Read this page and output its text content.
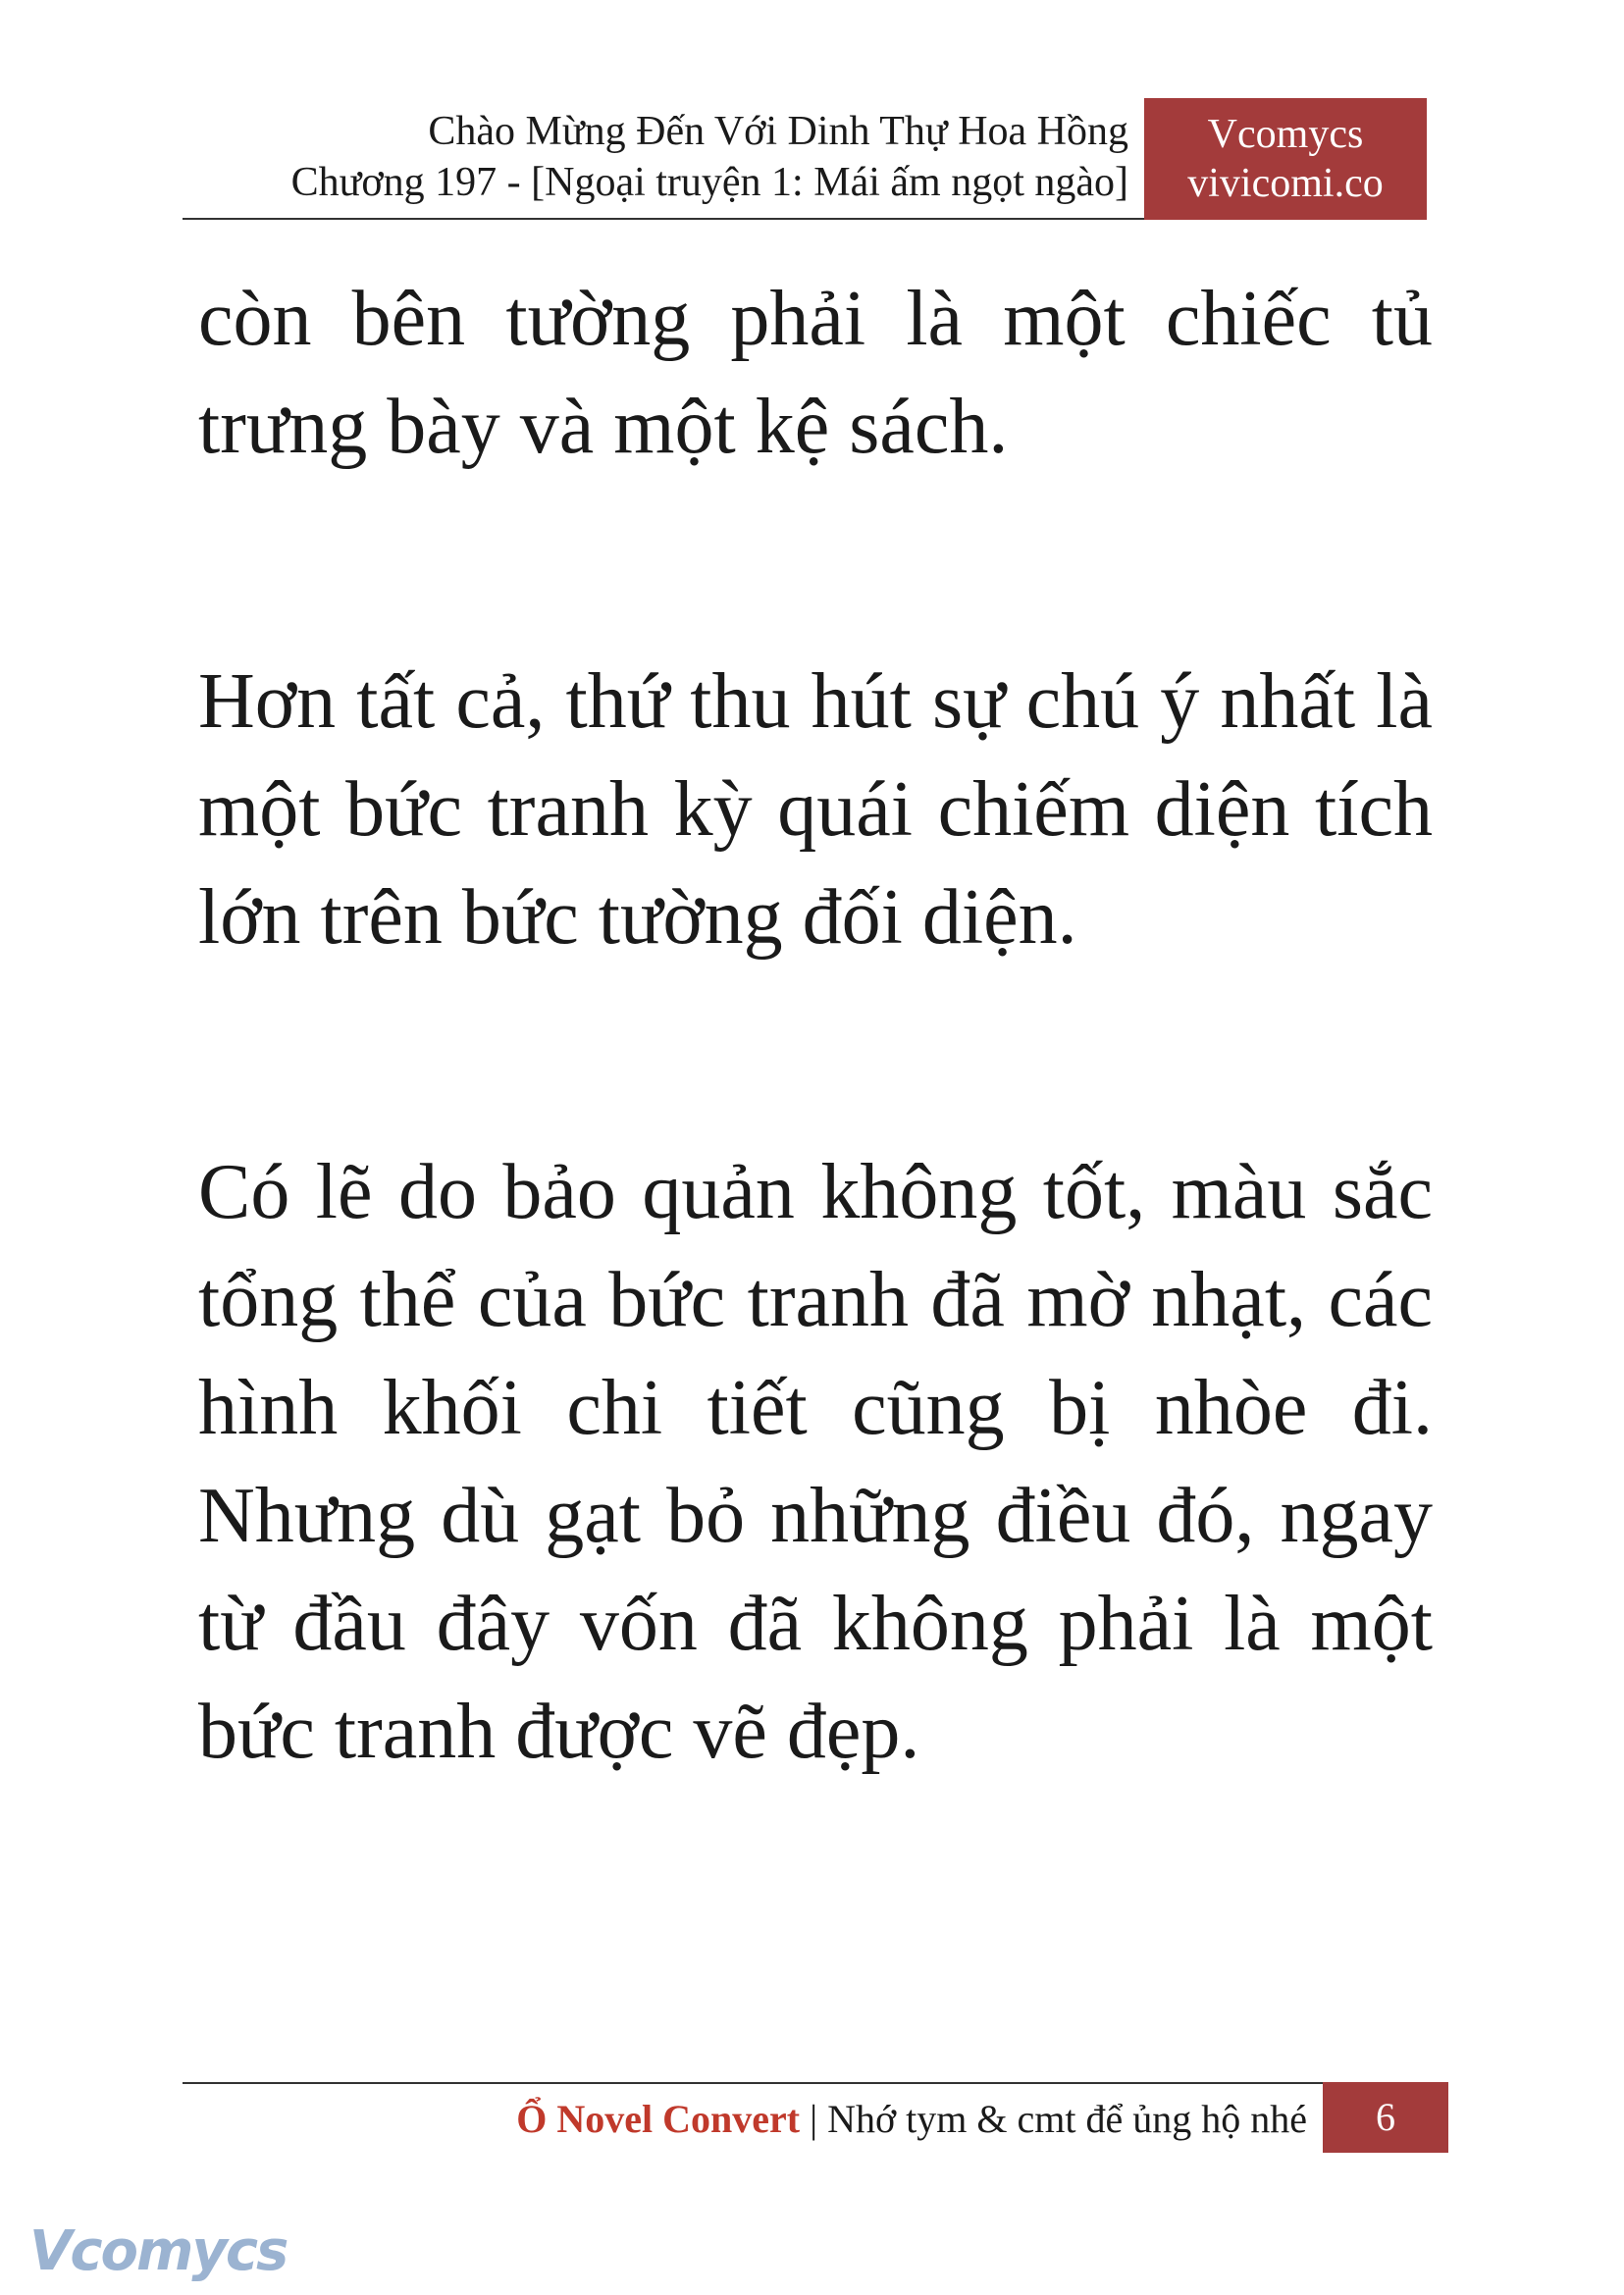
Chào Mừng Đến Với Dinh Thự Hoa Hồng
Chương 197 - [Ngoại truyện 1: Mái ấm ngọt ngào]
Vcomycs
vivicomi.co

còn bên tường phải là một chiếc tủ trưng bày và một kệ sách.

Hơn tất cả, thứ thu hút sự chú ý nhất là một bức tranh kỳ quái chiếm diện tích lớn trên bức tường đối diện.

Có lẽ do bảo quản không tốt, màu sắc tổng thể của bức tranh đã mờ nhạt, các hình khối chi tiết cũng bị nhòe đi. Nhưng dù gạt bỏ những điều đó, ngay từ đầu đây vốn đã không phải là một bức tranh được vẽ đẹp.

Ổ Novel Convert | Nhớ tym & cmt để ủng hộ nhé	6
Vcomycs
